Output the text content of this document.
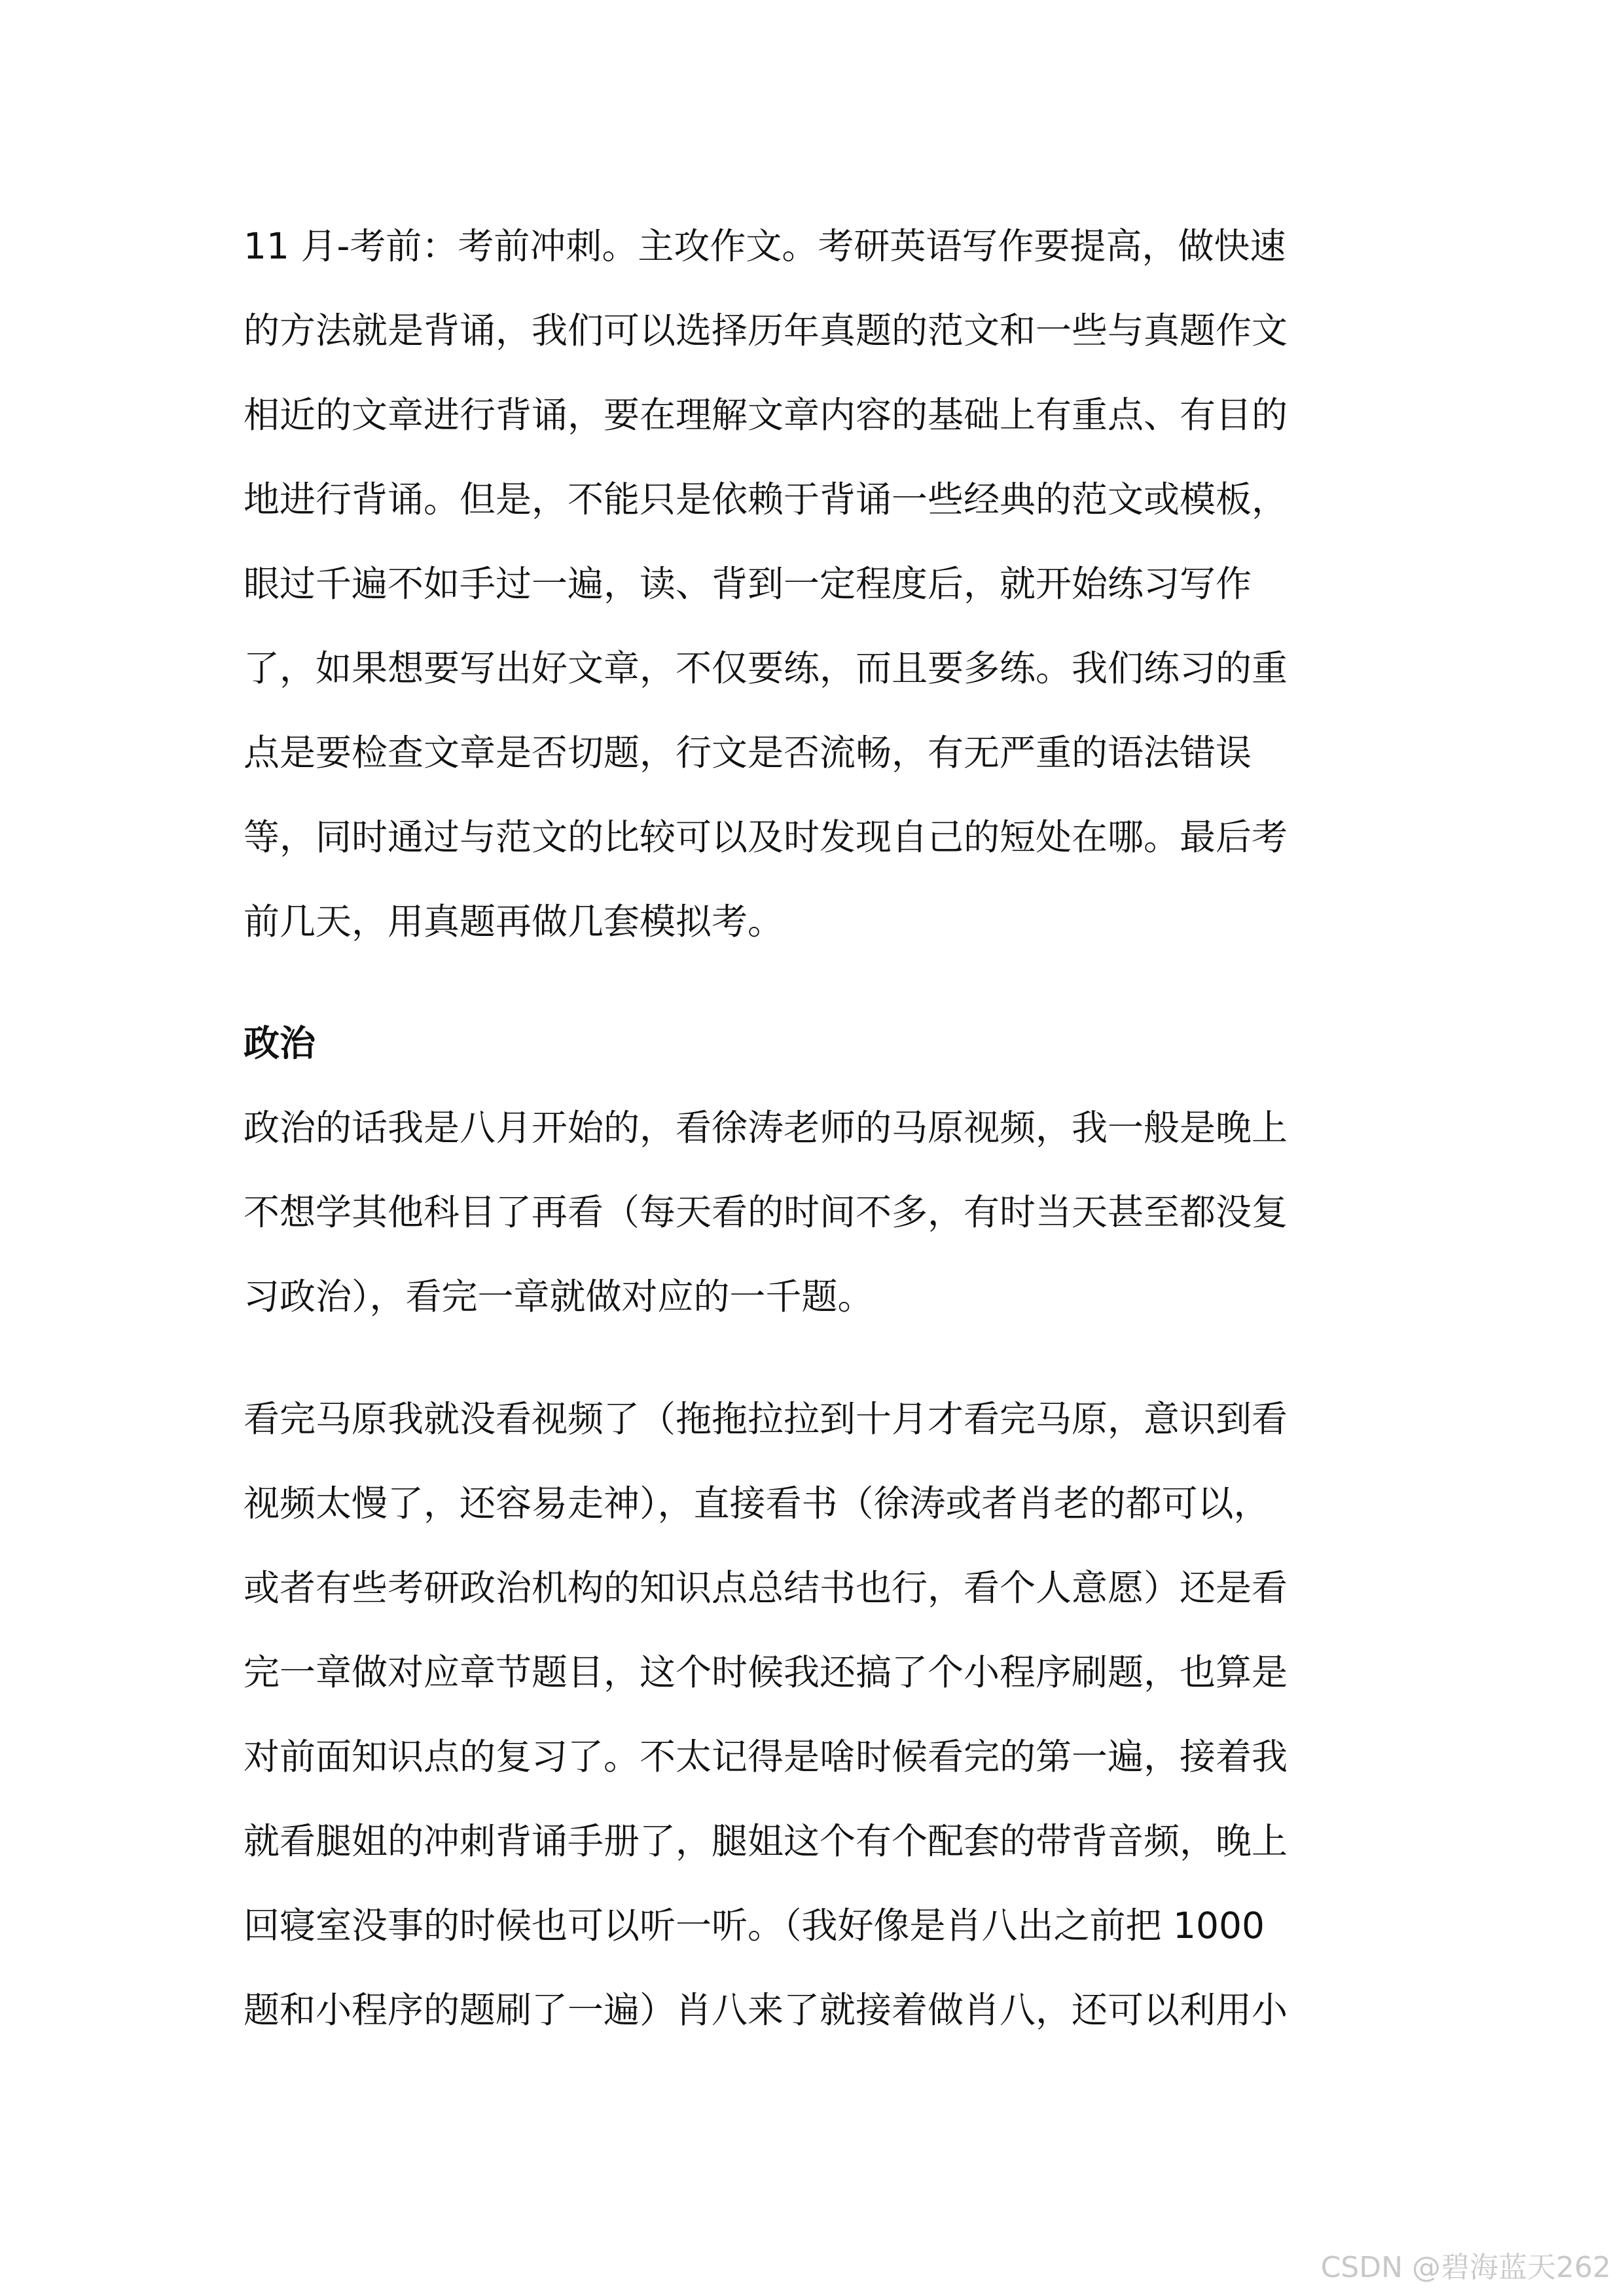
11 月-考前：考前冲刺。主攻作文。考研英语写作要提高，做快速
的方法就是背诵，我们可以选择历年真题的范文和一些与真题作文
相近的文章进行背诵，要在理解文章内容的基础上有重点、有目的
地进行背诵。但是，不能只是依赖于背诵一些经典的范文或模板，
眼过千遍不如手过一遍，读、背到一定程度后，就开始练习写作
了，如果想要写出好文章，不仅要练，而且要多练。我们练习的重
点是要检查文章是否切题，行文是否流畅，有无严重的语法错误
等，同时通过与范文的比较可以及时发现自己的短处在哪。最后考
前几天，用真题再做几套模拟考。
政治
政治的话我是八月开始的，看徐涛老师的马原视频，我一般是晚上
不想学其他科目了再看（每天看的时间不多，有时当天甚至都没复
习政治），看完一章就做对应的一千题。
看完马原我就没看视频了（拖拖拉拉到十月才看完马原，意识到看
视频太慢了，还容易走神），直接看书（徐涛或者肖老的都可以，
或者有些考研政治机构的知识点总结书也行，看个人意愿）还是看
完一章做对应章节题目，这个时候我还搞了个小程序刷题，也算是
对前面知识点的复习了。不太记得是啥时候看完的第一遍，接着我
就看腿姐的冲刺背诵手册了，腿姐这个有个配套的带背音频，晚上
回寝室没事的时候也可以听一听。（我好像是肖八出之前把 1000
题和小程序的题刷了一遍）肖八来了就接着做肖八，还可以利用小
CSDN @碧海蓝天262
